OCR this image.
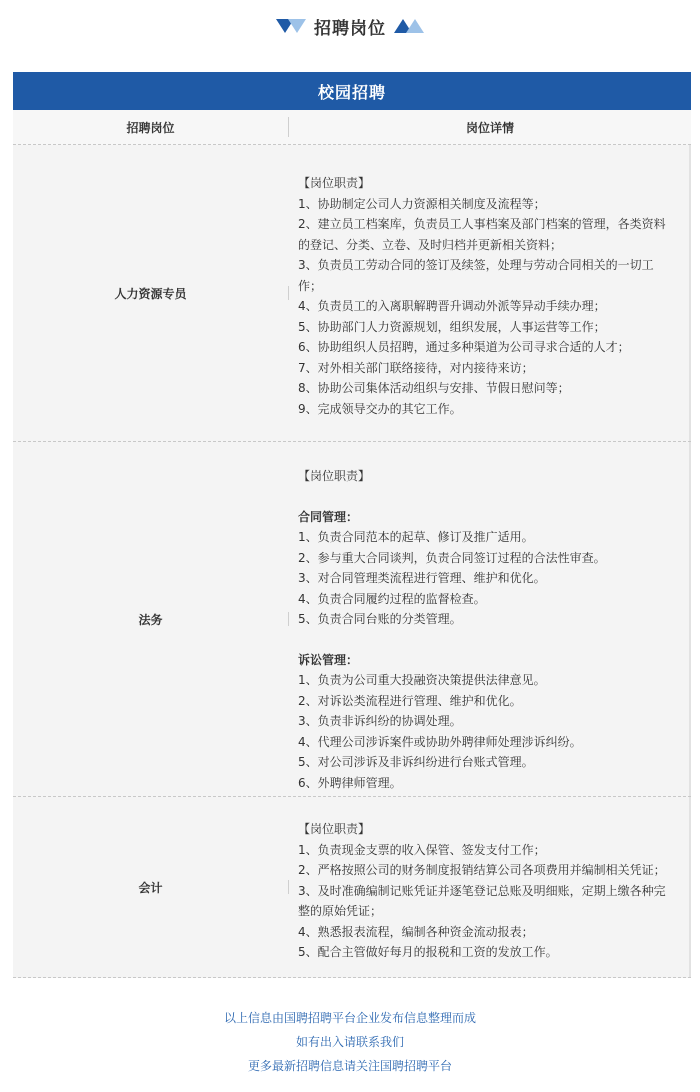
招聘岗位
校园招聘
招聘岗位	岗位详情
人力资源专员

【岗位职责】

1、协助制定公司人力资源相关制度及流程等；

2、建立员工档案库，负责员工人事档案及部门档案的管理，各类资料

的登记、分类、立卷、及时归档并更新相关资料；

3、负责员工劳动合同的签订及续签，处理与劳动合同相关的一切工

作；

4、负责员工的入离职解聘晋升调动外派等异动手续办理；

5、协助部门人力资源规划，组织发展，人事运营等工作；

6、协助组织人员招聘，通过多种渠道为公司寻求合适的人才；

7、对外相关部门联络接待，对内接待来访；

8、协助公司集体活动组织与安排、节假日慰问等；

9、完成领导交办的其它工作。

法务

【岗位职责】

合同管理：

1、负责合同范本的起草、修订及推广适用。

2、参与重大合同谈判，负责合同签订过程的合法性审查。

3、对合同管理类流程进行管理、维护和优化。

4、负责合同履约过程的监督检查。

5、负责合同台账的分类管理。

诉讼管理：

1、负责为公司重大投融资决策提供法律意见。

2、对诉讼类流程进行管理、维护和优化。

3、负责非诉纠纷的协调处理。

4、代理公司涉诉案件或协助外聘律师处理涉诉纠纷。

5、对公司涉诉及非诉纠纷进行台账式管理。

6、外聘律师管理。

会计

【岗位职责】

1、负责现金支票的收入保管、签发支付工作；

2、严格按照公司的财务制度报销结算公司各项费用并编制相关凭证；

3、及时准确编制记账凭证并逐笔登记总账及明细账，定期上缴各种完

整的原始凭证；

4、熟悉报表流程，编制各种资金流动报表；

5、配合主管做好每月的报税和工资的发放工作。

以上信息由国聘招聘平台企业发布信息整理而成
如有出入请联系我们
更多最新招聘信息请关注国聘招聘平台
